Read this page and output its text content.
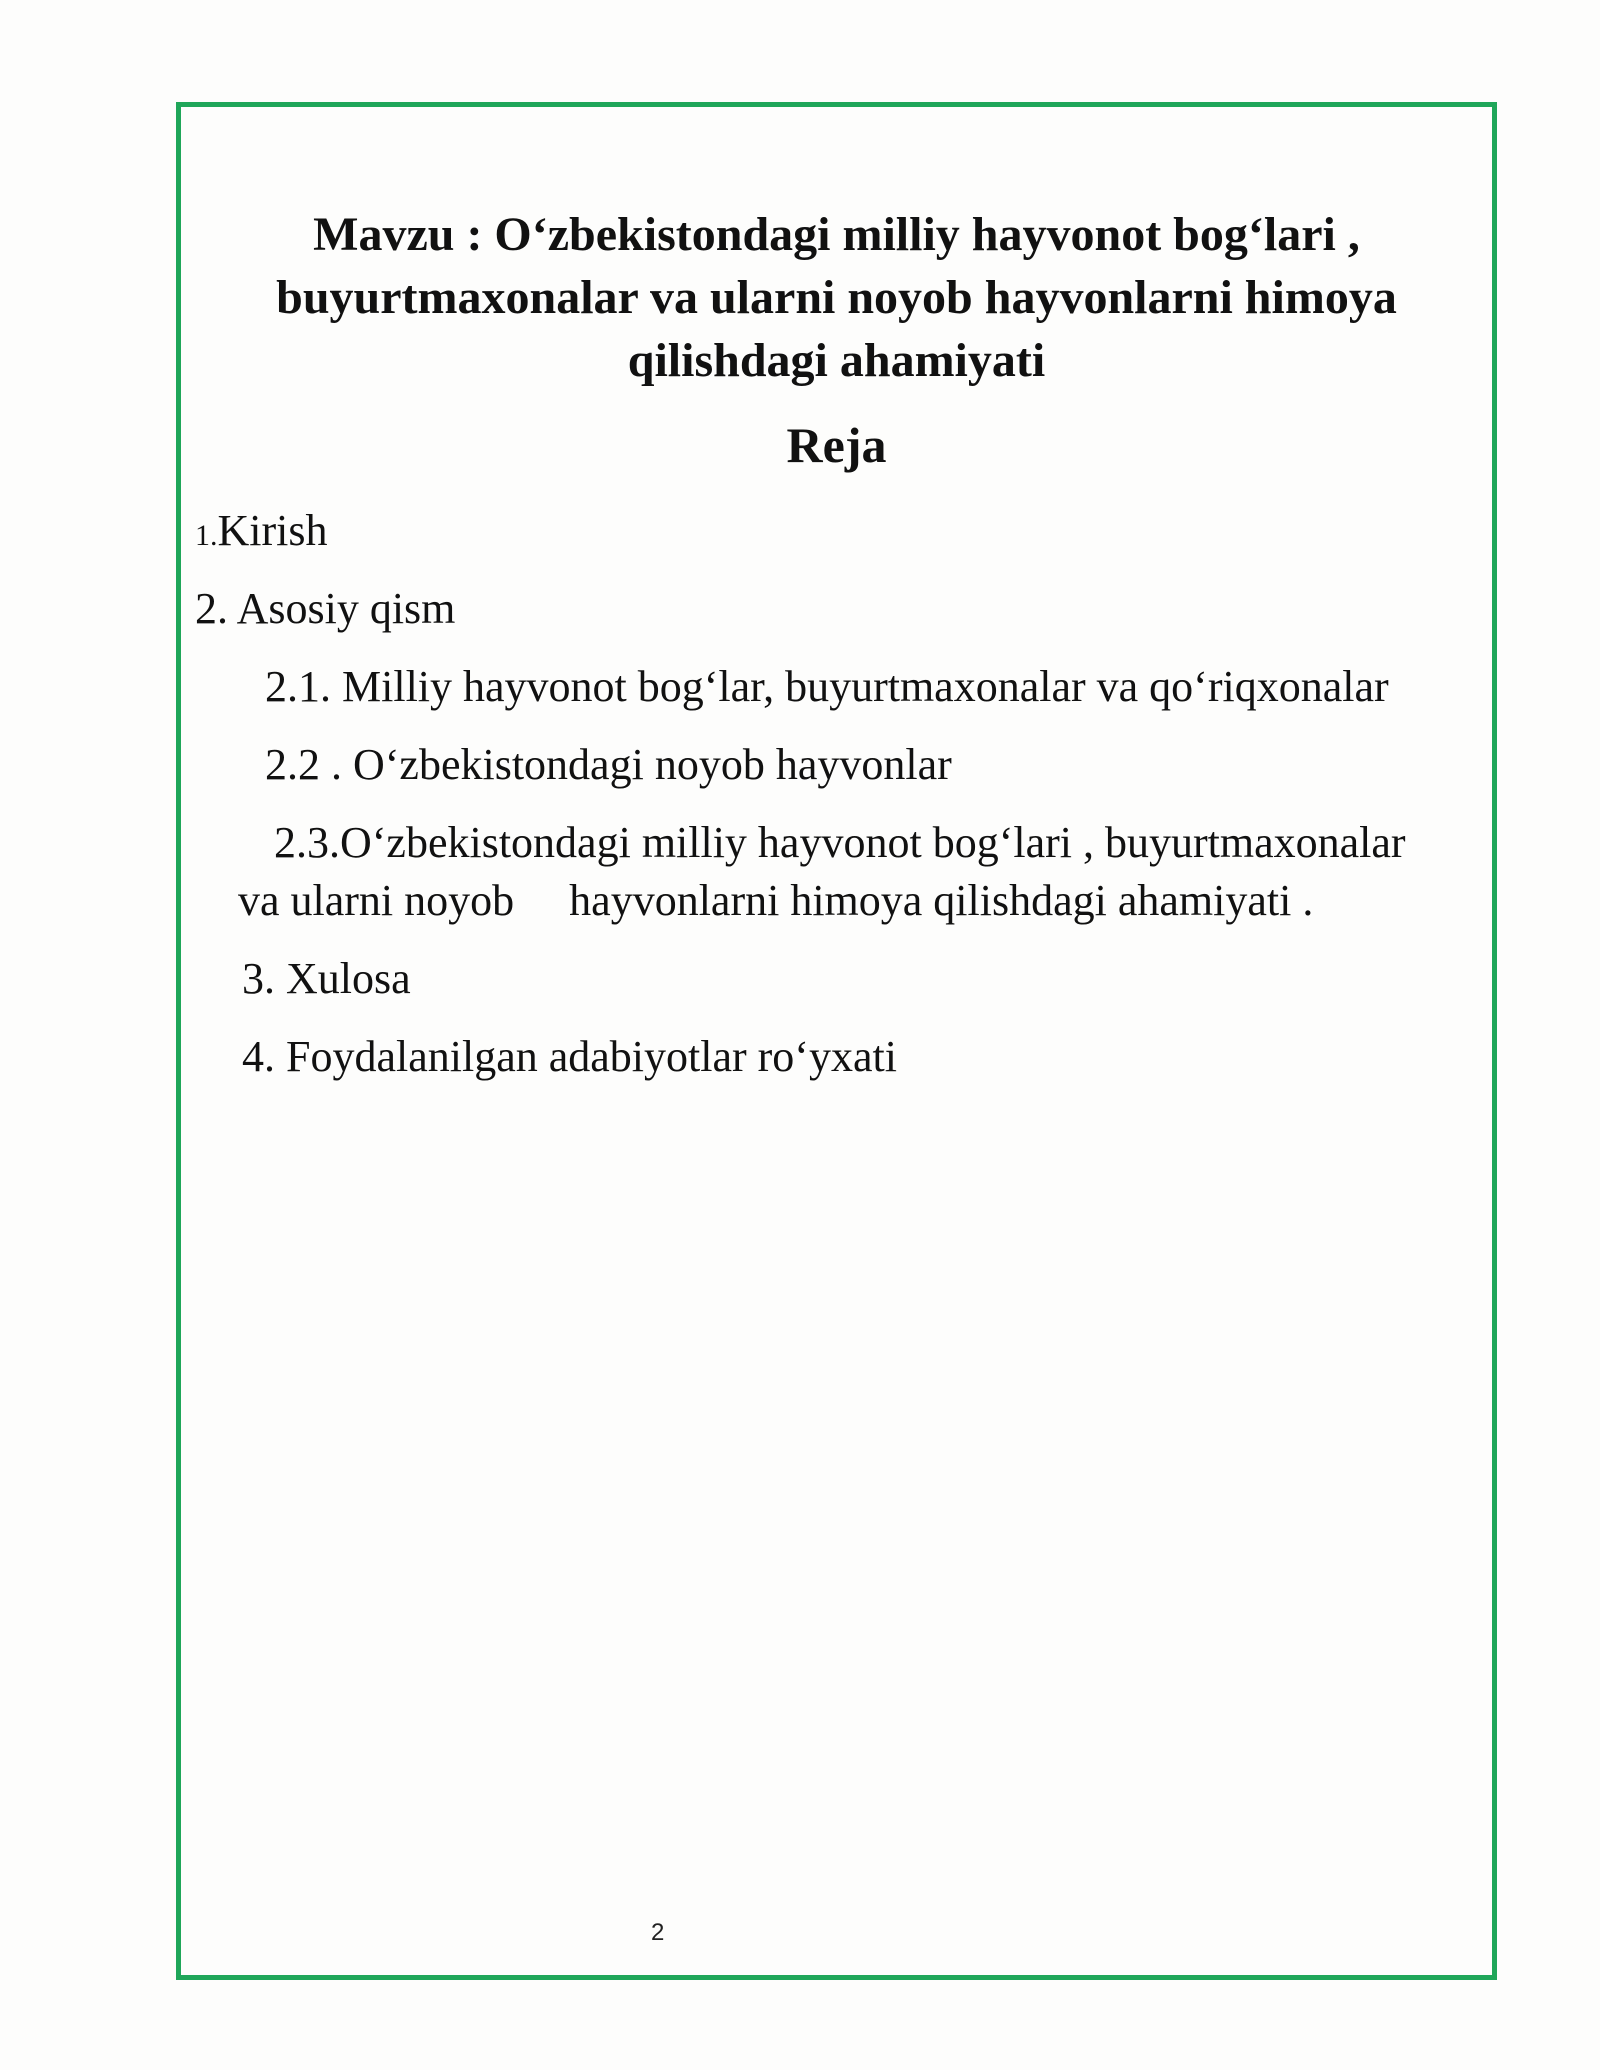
Mavzu : O‘zbekistondagi milliy hayvonot bog‘lari ,
buyurtmaxonalar va ularni noyob hayvonlarni himoya
qilishdagi ahamiyati
Reja
1.Kirish
2. Asosiy qism
2.1. Milliy hayvonot bog‘lar, buyurtmaxonalar va qo‘riqxonalar
2.2 . O‘zbekistondagi noyob hayvonlar
2.3.O‘zbekistondagi milliy hayvonot bog‘lari , buyurtmaxonalar
va ularni noyob     hayvonlarni himoya qilishdagi ahamiyati .
3. Xulosa
4. Foydalanilgan adabiyotlar ro‘yxati
2
